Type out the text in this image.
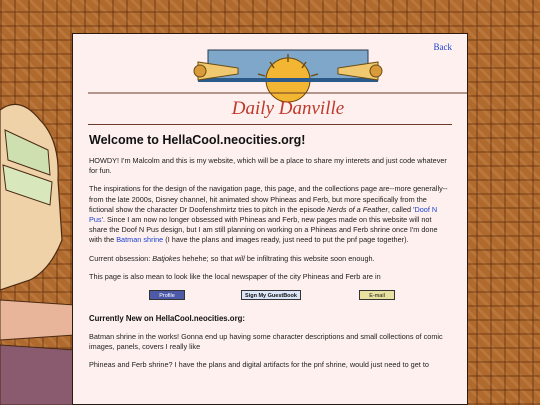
Back
Daily Danville
Welcome to HellaCool.neocities.org!

HOWDY! I'm Malcolm and this is my website, which will be a place to share my interets and just code whatever for fun.

The inspirations for the design of the navigation page, this page, and the collections page are--more generally--from the late 2000s, Disney channel, hit animated show Phineas and Ferb, but more specifically from the fictional show the character Dr Doofenshmirtz tries to pitch in the episode Nerds of a Feather, called 'Doof N Pus'. Since I am now no longer obsessed with Phineas and Ferb, new pages made on this website will not share the Doof N Pus design, but I am still planning on working on a Phineas and Ferb shrine once I'm done with the Batman shrine (I have the plans and images ready, just need to put the pnf page together).

Current obsession: Batjokes hehehe; so that will be infiltrating this website soon enough.

This page is also mean to look like the local newspaper of the city Phineas and Ferb are in

Profile	Sign My GuestBook	E-mail
Currently New on HellaCool.neocities.org:

Batman shrine in the works! Gonna end up having some character descriptions and small collections of comic images, panels, covers I really like

Phineas and Ferb shrine? I have the plans and digital artifacts for the pnf shrine, would just need to get to
